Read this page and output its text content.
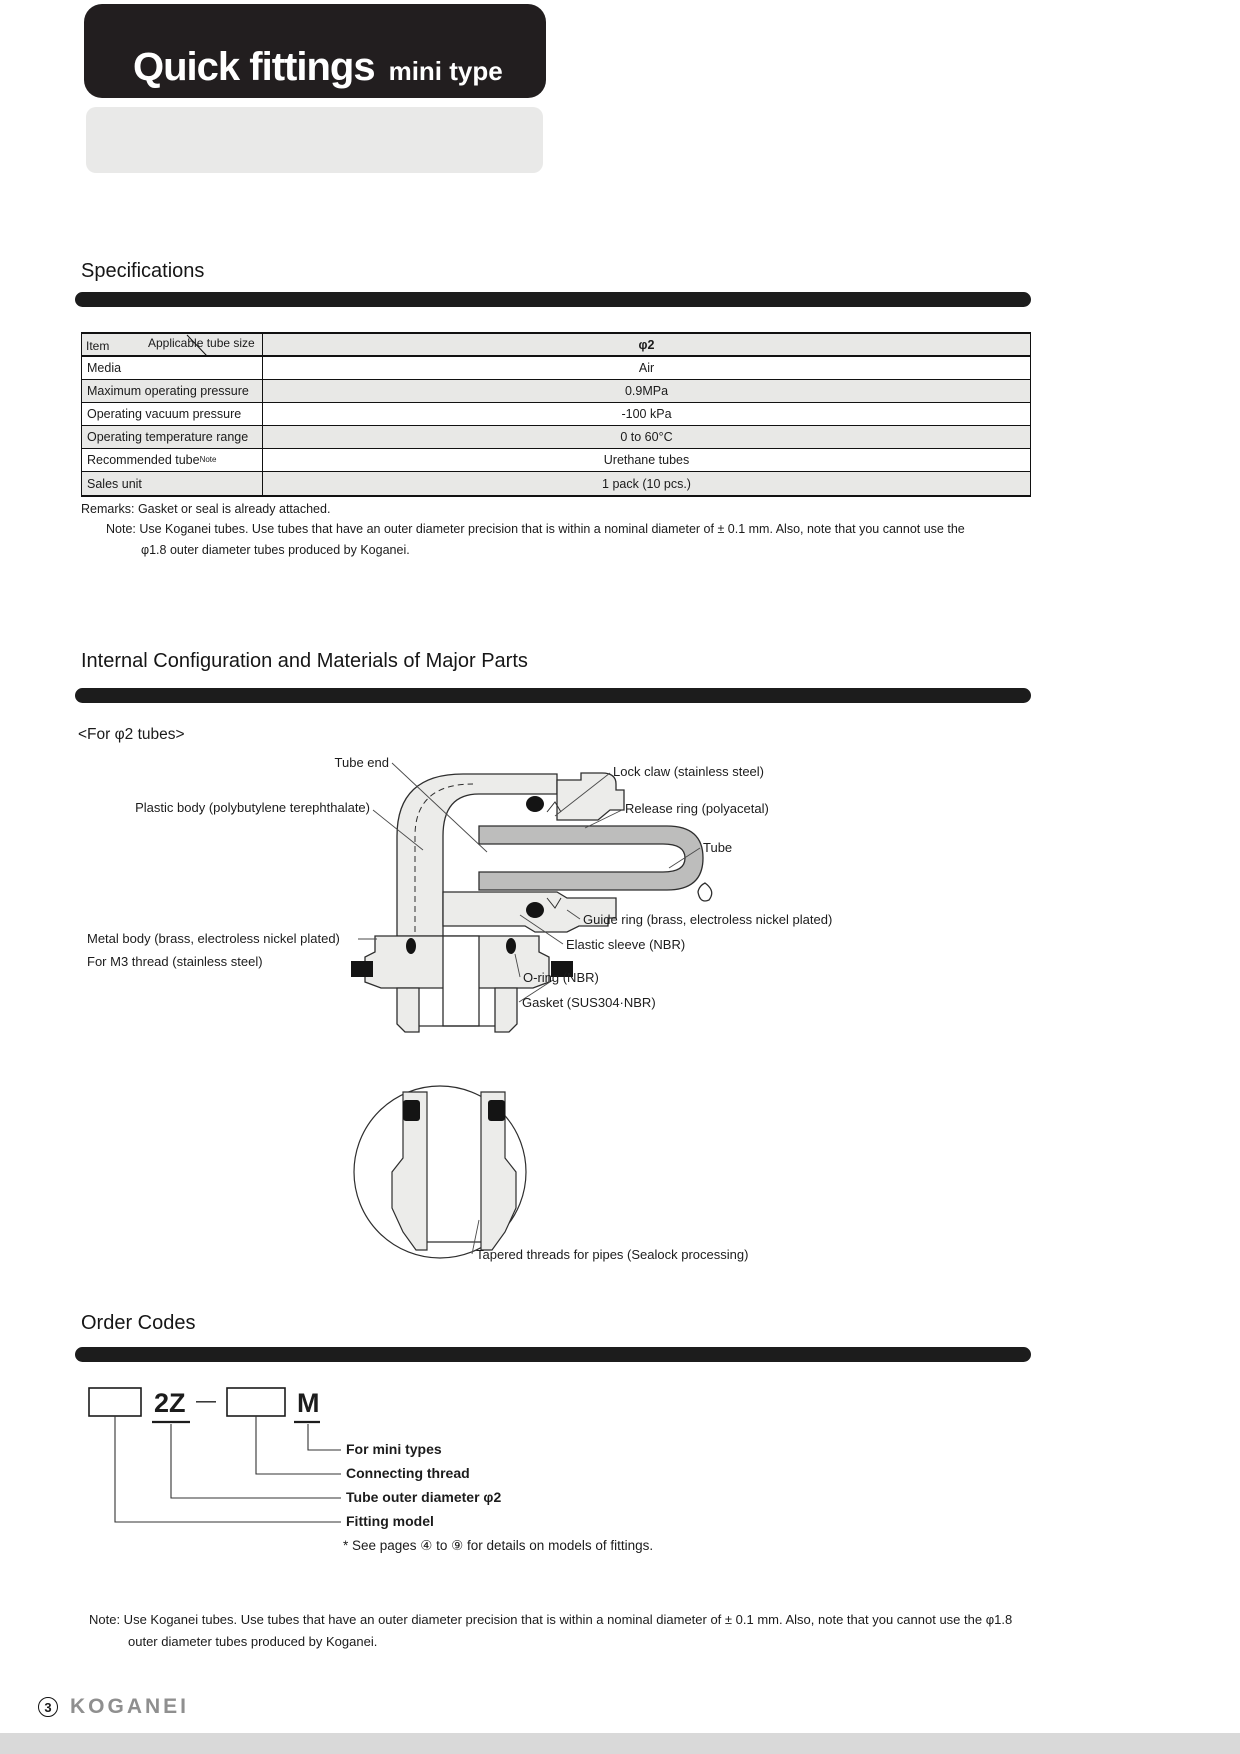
Quick fittings mini type
Specifications
Item	Applicable tube size	φ2
Media	Air
Maximum operating pressure	0.9MPa
Operating vacuum pressure	-100 kPa
Operating temperature range	0 to 60°C
Recommended tube Note	Urethane tubes
Sales unit	1 pack (10 pcs.)
Remarks: Gasket or seal is already attached.
Note: Use Koganei tubes. Use tubes that have an outer diameter precision that is within a nominal diameter of ± 0.1 mm. Also, note that you cannot use the
φ1.8 outer diameter tubes produced by Koganei.
Internal Configuration and Materials of Major Parts
<For φ2 tubes>
Tube end
Plastic body (polybutylene terephthalate)
Lock claw (stainless steel)
Release ring (polyacetal)
Tube
Guide ring (brass, electroless nickel plated)
Elastic sleeve (NBR)
Metal body (brass, electroless nickel plated)
For M3 thread (stainless steel)
O-ring (NBR)
Gasket (SUS304·NBR)
Tapered threads for pipes (Sealock processing)
Order Codes
2Z —	M
For mini types
Connecting thread
Tube outer diameter φ2
Fitting model
* See pages ④ to ⑨ for details on models of fittings.
Note: Use Koganei tubes. Use tubes that have an outer diameter precision that is within a nominal diameter of ± 0.1 mm. Also, note that you cannot use the φ1.8
outer diameter tubes produced by Koganei.
3 KOGANEI
